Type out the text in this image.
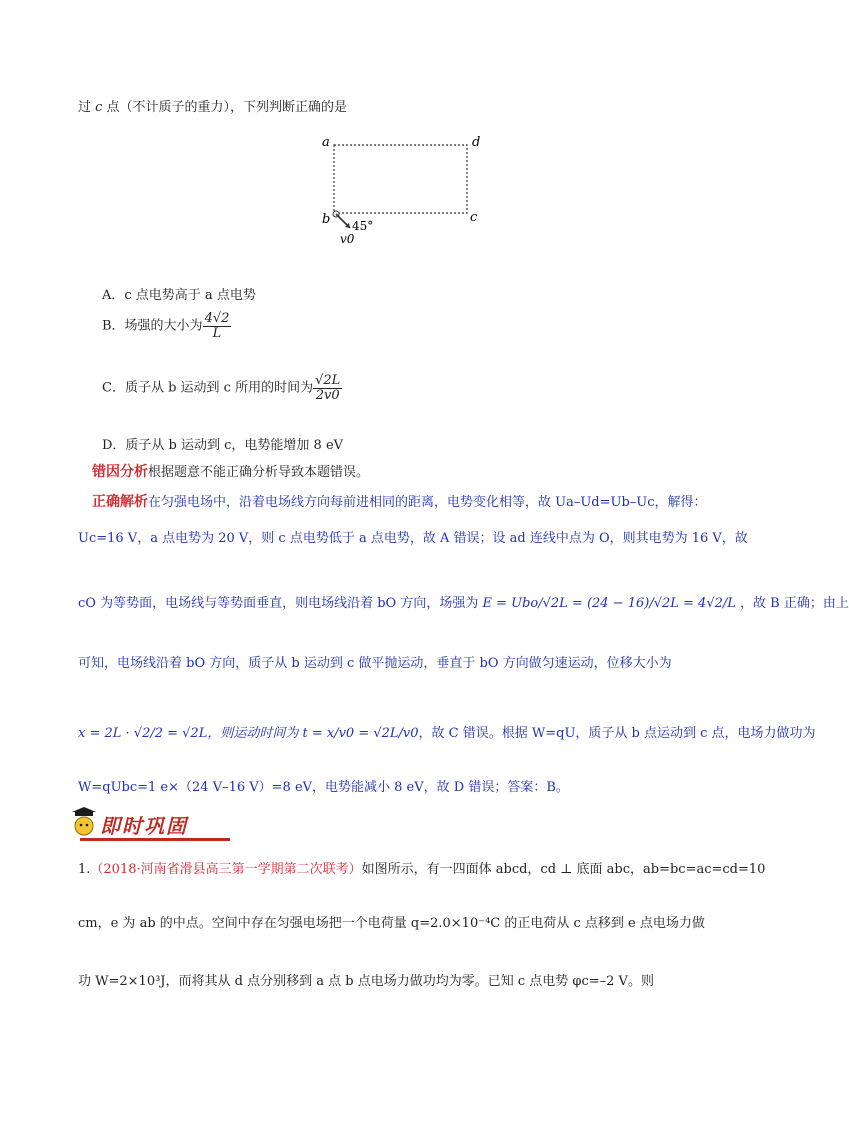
过 c 点（不计质子的重力），下列判断正确的是
a	d
b	c
45°
v0
A．c 点电势高于 a 点电势
B．场强的大小为 $\frac{4√2}{L}$
C．质子从 b 运动到 c 所用的时间为 $\frac{√2L}{2v0}$
D．质子从 b 运动到 c，电势能增加 8 eV
错因分析根据题意不能正确分析导致本题错误。
正确解析在匀强电场中，沿着电场线方向每前进相同的距离，电势变化相等，故 Ua–Ud=Ub–Uc，解得：
Uc=16 V，a 点电势为 20 V，则 c 点电势低于 a 点电势，故 A 错误；设 ad 连线中点为 O，则其电势为 16 V，故
cO 为等势面，电场线与等势面垂直，则电场线沿着 bO 方向，场强为 E = Ubo/√2L = (24 − 16)/√2L = 4√2/L ，故 B 正确；由上
可知，电场线沿着 bO 方向，质子从 b 运动到 c 做平抛运动，垂直于 bO 方向做匀速运动，位移大小为
x = 2L · √2/2 = √2L，则运动时间为 t = x/v0 = √2L/v0，故 C 错误。根据 W=qU，质子从 b 点运动到 c 点，电场力做功为
W=qUbc=1 e×（24 V–16 V）=8 eV，电势能减小 8 eV，故 D 错误；答案：B。
即时巩固
1.（2018·河南省滑县高三第一学期第二次联考）如图所示，有一四面体 abcd，cd ⊥ 底面 abc，ab=bc=ac=cd=10
cm，e 为 ab 的中点。空间中存在匀强电场把一个电荷量 q=2.0×10⁻⁴C 的正电荷从 c 点移到 e 点电场力做
功 W=2×10³J，而将其从 d 点分别移到 a 点 b 点电场力做功均为零。已知 c 点电势 φc=–2 V。则
